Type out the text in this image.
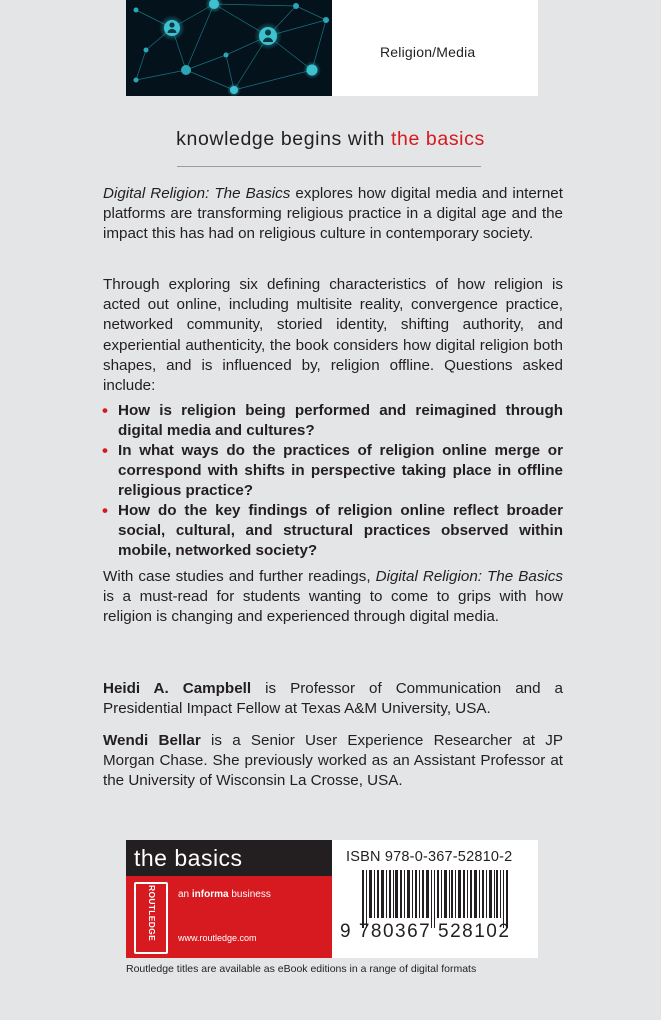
Religion/Media
knowledge begins with the basics

Digital Religion: The Basics explores how digital media and internet platforms are transforming religious practice in a digital age and the impact this has had on religious culture in contemporary society.

Through exploring six defining characteristics of how religion is acted out online, including multisite reality, convergence practice, networked community, storied identity, shifting authority, and experiential authenticity, the book considers how digital religion both shapes, and is influenced by, religion offline. Questions asked include:

• How is religion being performed and reimagined through digital media and cultures?
• In what ways do the practices of religion online merge or correspond with shifts in perspective taking place in offline religious practice?
• How do the key findings of religion online reflect broader social, cultural, and structural practices observed within mobile, networked society?

With case studies and further readings, Digital Religion: The Basics is a must-read for students wanting to come to grips with how religion is changing and experienced through digital media.

Heidi A. Campbell is Professor of Communication and a Presidential Impact Fellow at Texas A&M University, USA.

Wendi Bellar is a Senior User Experience Researcher at JP Morgan Chase. She previously worked as an Assistant Professor at the University of Wisconsin La Crosse, USA.

the basics
ROUTLEDGE an informa business
www.routledge.com
ISBN 978-0-367-52810-2
9 780367 528102
Routledge titles are available as eBook editions in a range of digital formats
